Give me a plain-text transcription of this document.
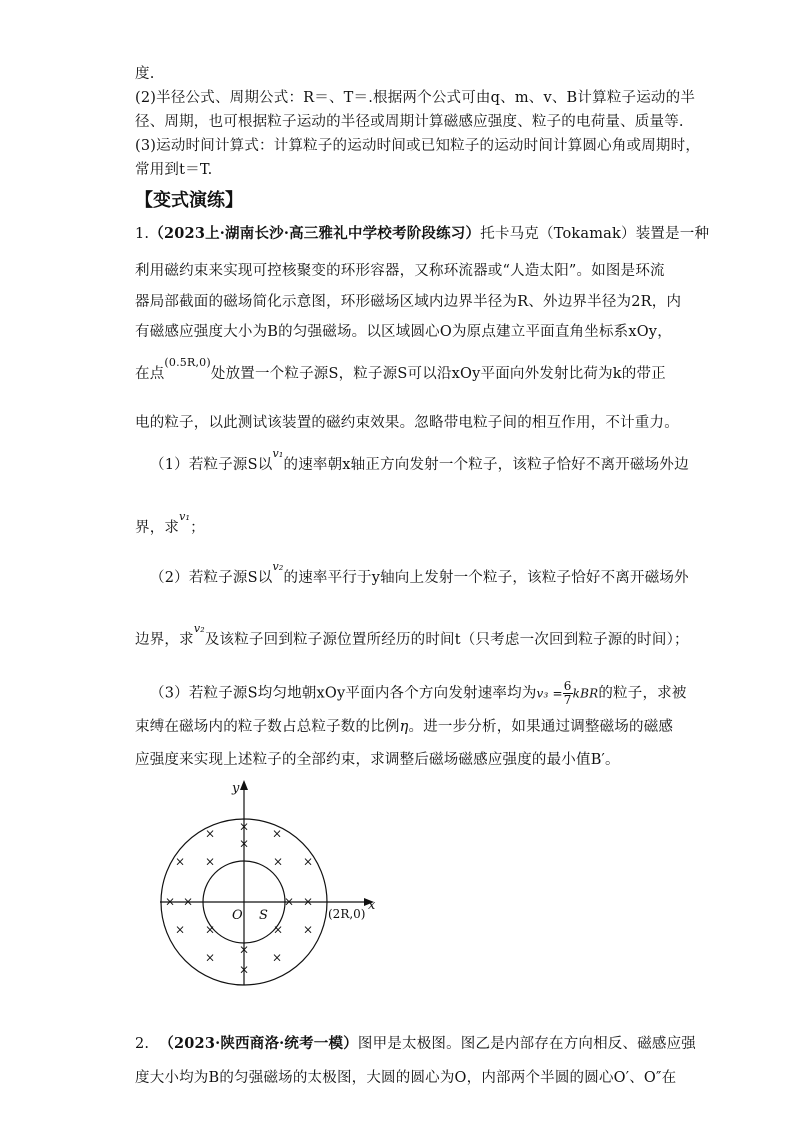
度.
(2)半径公式、周期公式：R＝、T＝.根据两个公式可由q、m、v、B计算粒子运动的半
径、周期，也可根据粒子运动的半径或周期计算磁感应强度、粒子的电荷量、质量等.
(3)运动时间计算式：计算粒子的运动时间或已知粒子的运动时间计算圆心角或周期时，
常用到t＝T.
【变式演练】
1.（2023上·湖南长沙·高三雅礼中学校考阶段练习）托卡马克（Tokamak）装置是一种
利用磁约束来实现可控核聚变的环形容器，又称环流器或“人造太阳”。如图是环流
器局部截面的磁场简化示意图，环形磁场区域内边界半径为R、外边界半径为2R，内
有磁感应强度大小为B的匀强磁场。以区域圆心O为原点建立平面直角坐标系xOy，
在点$^{(0.5R,0)}$处放置一个粒子源S，粒子源S可以沿xOy平面向外发射比荷为k的带正
电的粒子，以此测试该装置的磁约束效果。忽略带电粒子间的相互作用，不计重力。
（1）若粒子源S以$^{v_1}$的速率朝x轴正方向发射一个粒子，该粒子恰好不离开磁场外边
界，求$^{v_1}$；
（2）若粒子源S以$^{v_2}$的速率平行于y轴向上发射一个粒子，该粒子恰好不离开磁场外
边界，求$^{v_2}$及该粒子回到粒子源位置所经历的时间t（只考虑一次回到粒子源的时间）；
（3）若粒子源S均匀地朝xOy平面内各个方向发射速率均为$v_3 = \frac{6}{7}$ kBR的粒子，求被
束缚在磁场内的粒子数占总粒子数的比例η。进一步分析，如果通过调整磁场的磁感
应强度来实现上述粒子的全部约束，求调整后磁场磁感应强度的最小值B′。
× × ×
×
× ×	× ×
× ×	× ×
× ×	× ×
×
×
×
×
y
x
O S	(2R,0)
2. （2023·陕西商洛·统考一模）图甲是太极图。图乙是内部存在方向相反、磁感应强
度大小均为B的匀强磁场的太极图，大圆的圆心为O，内部两个半圆的圆心O′、O″在
